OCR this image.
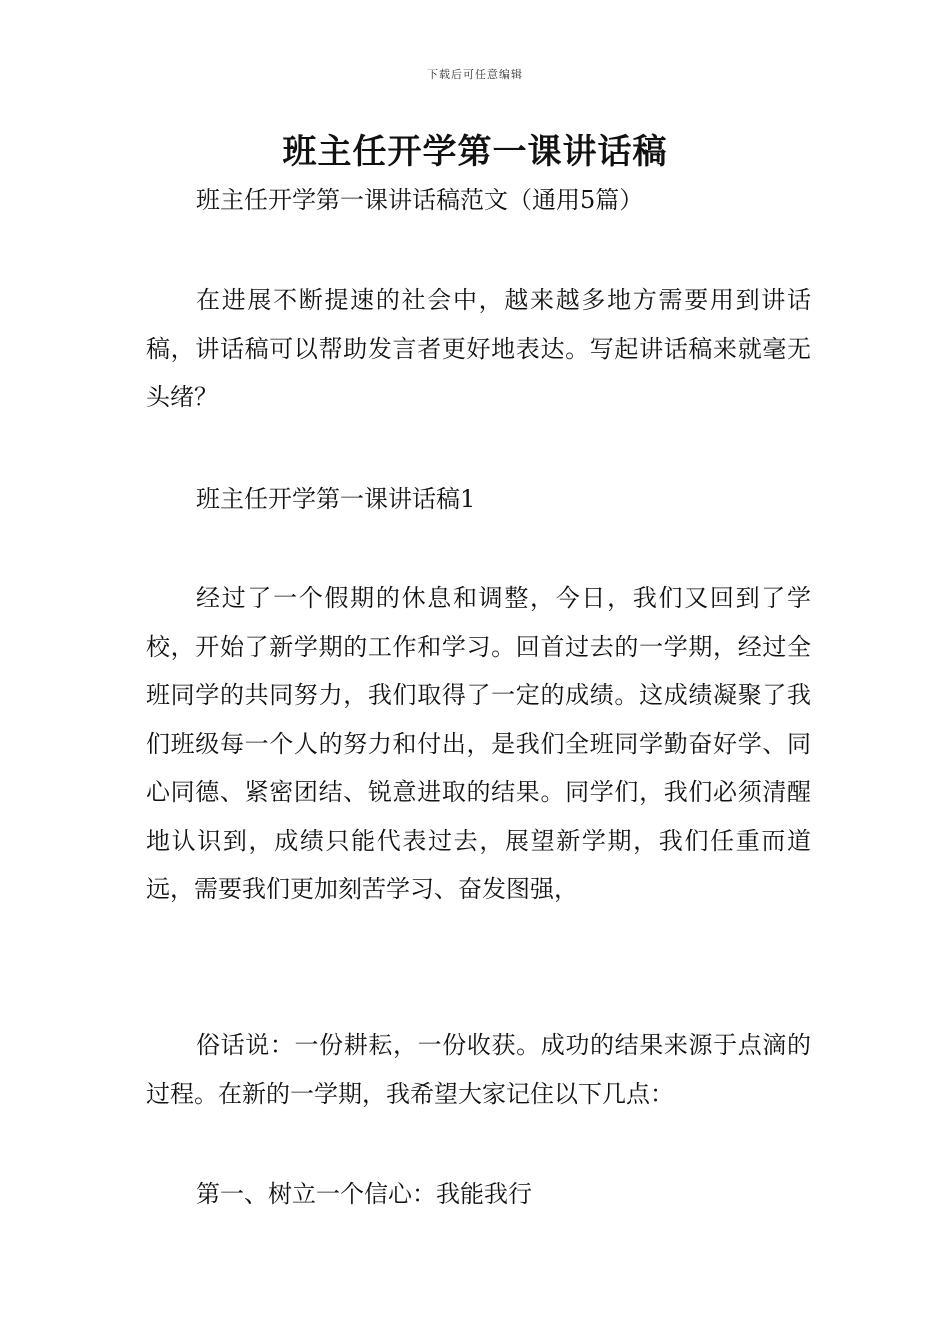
下载后可任意编辑
班主任开学第一课讲话稿

班主任开学第一课讲话稿范文（通用5篇）

在进展不断提速的社会中，越来越多地方需要用到讲话稿，讲话稿可以帮助发言者更好地表达。写起讲话稿来就毫无头绪？

班主任开学第一课讲话稿1

经过了一个假期的休息和调整，今日，我们又回到了学校，开始了新学期的工作和学习。回首过去的一学期，经过全班同学的共同努力，我们取得了一定的成绩。这成绩凝聚了我们班级每一个人的努力和付出，是我们全班同学勤奋好学、同心同德、紧密团结、锐意进取的结果。同学们，我们必须清醒地认识到，成绩只能代表过去，展望新学期，我们任重而道远，需要我们更加刻苦学习、奋发图强，

俗话说：一份耕耘，一份收获。成功的结果来源于点滴的过程。在新的一学期，我希望大家记住以下几点：

第一、树立一个信心：我能我行
